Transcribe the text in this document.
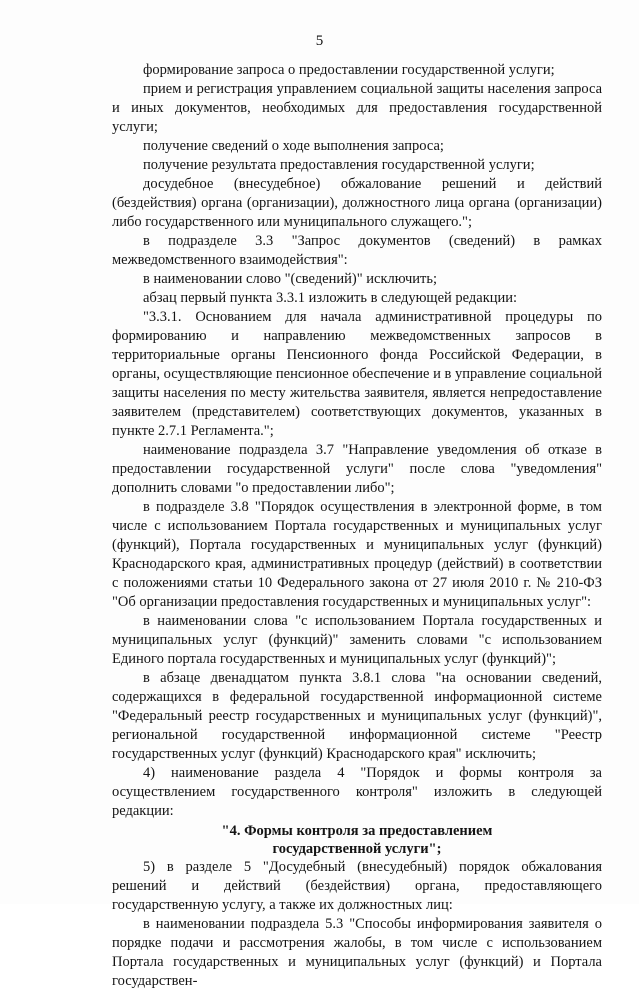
5

формирование запроса о предоставлении государственной услуги;

прием и регистрация управлением социальной защиты населения запроса и иных документов, необходимых для предоставления государственной услуги;

получение сведений о ходе выполнения запроса;

получение результата предоставления государственной услуги;

досудебное (внесудебное) обжалование решений и действий (бездействия) органа (организации), должностного лица органа (организации) либо государственного или муниципального служащего.";

в подразделе 3.3 "Запрос документов (сведений) в рамках межведомственного взаимодействия":

в наименовании слово "(сведений)" исключить;

абзац первый пункта 3.3.1 изложить в следующей редакции:

"3.3.1. Основанием для начала административной процедуры по формированию и направлению межведомственных запросов в территориальные органы Пенсионного фонда Российской Федерации, в органы, осуществляющие пенсионное обеспечение и в управление социальной защиты населения по месту жительства заявителя, является непредоставление заявителем (представителем) соответствующих документов, указанных в пункте 2.7.1 Регламента.";

наименование подраздела 3.7 "Направление уведомления об отказе в предоставлении государственной услуги" после слова "уведомления" дополнить словами "о предоставлении либо";

в подразделе 3.8 "Порядок осуществления в электронной форме, в том числе с использованием Портала государственных и муниципальных услуг (функций), Портала государственных и муниципальных услуг (функций) Краснодарского края, административных процедур (действий) в соответствии с положениями статьи 10 Федерального закона от 27 июля 2010 г. № 210-ФЗ "Об организации предоставления государственных и муниципальных услуг":

в наименовании слова "с использованием Портала государственных и муниципальных услуг (функций)" заменить словами "с использованием Единого портала государственных и муниципальных услуг (функций)";

в абзаце двенадцатом пункта 3.8.1 слова "на основании сведений, содержащихся в федеральной государственной информационной системе "Федеральный реестр государственных и муниципальных услуг (функций)", региональной государственной информационной системе "Реестр государственных услуг (функций) Краснодарского края" исключить;

4) наименование раздела 4 "Порядок и формы контроля за осуществлением государственного контроля" изложить в следующей редакции:

"4. Формы контроля за предоставлением
государственной услуги";

5) в разделе 5 "Досудебный (внесудебный) порядок обжалования решений и действий (бездействия) органа, предоставляющего государственную услугу, а также их должностных лиц:

в наименовании подраздела 5.3 "Способы информирования заявителя о порядке подачи и рассмотрения жалобы, в том числе с использованием Портала государственных и муниципальных услуг (функций) и Портала государствен-
